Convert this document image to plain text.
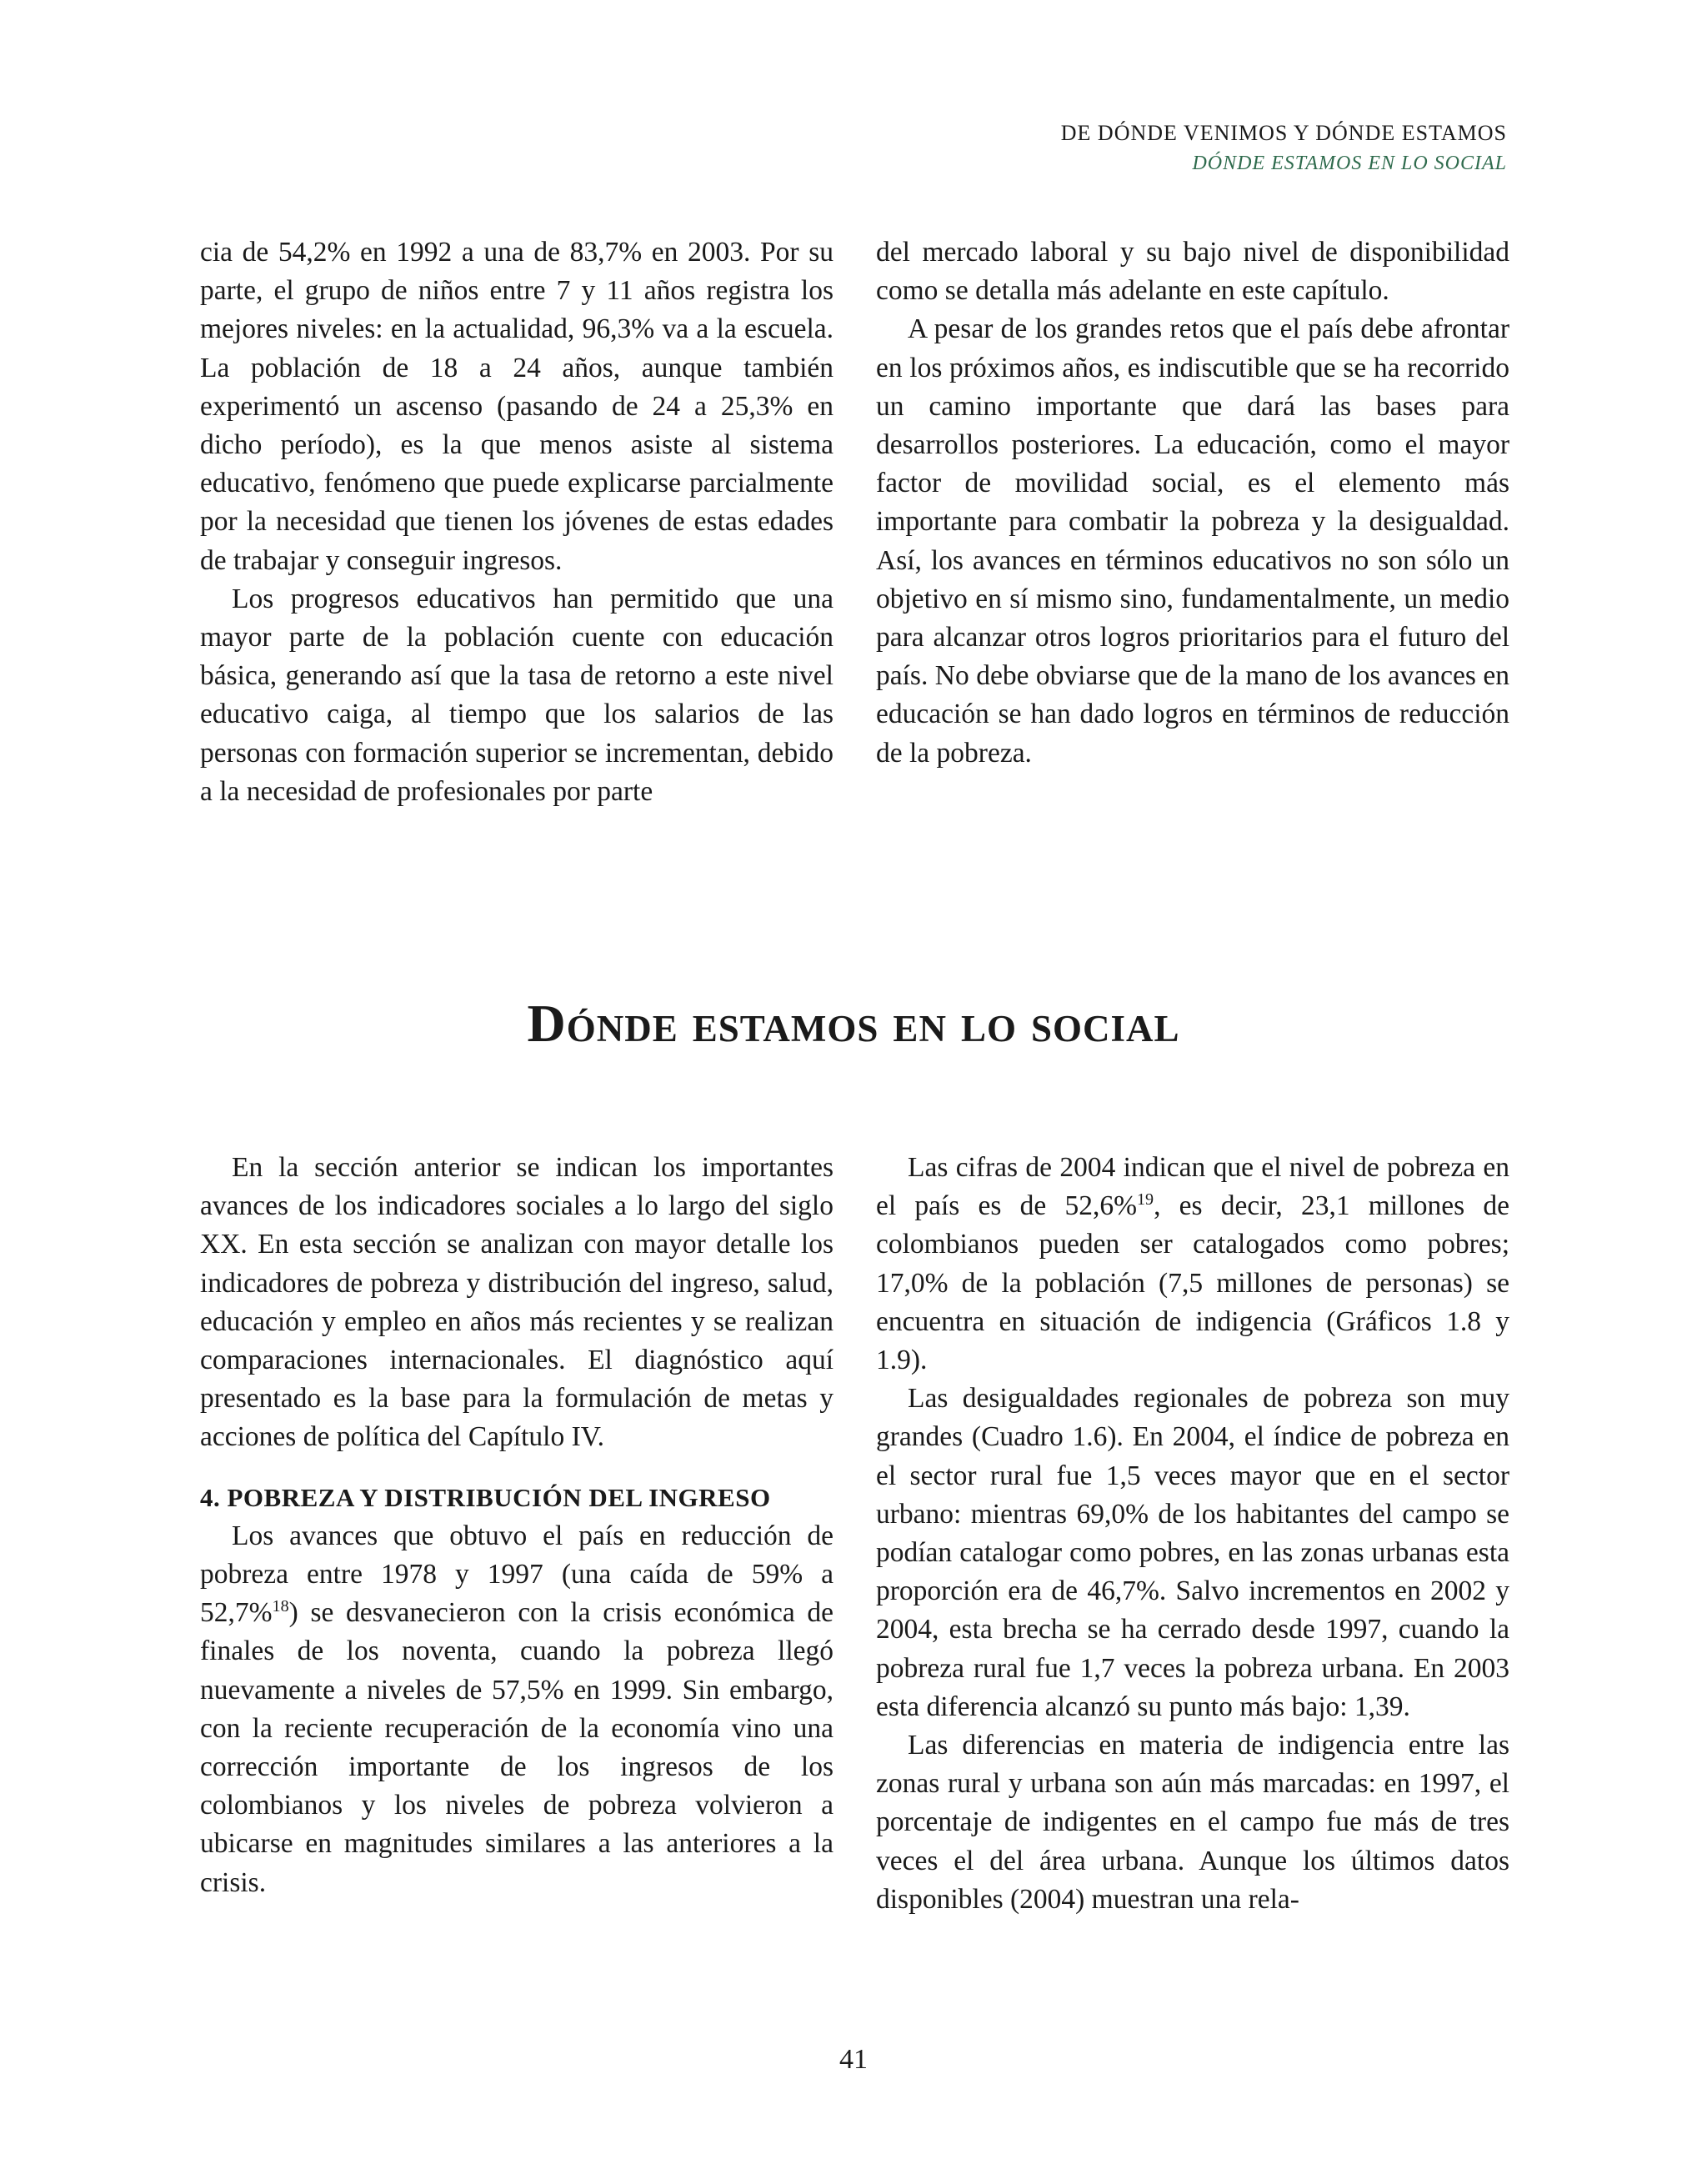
DE DÓNDE VENIMOS Y DÓNDE ESTAMOS
DÓNDE ESTAMOS EN LO SOCIAL

cia de 54,2% en 1992 a una de 83,7% en 2003. Por su parte, el grupo de niños entre 7 y 11 años registra los mejores niveles: en la actualidad, 96,3% va a la escuela. La población de 18 a 24 años, aunque también experimentó un ascenso (pasando de 24 a 25,3% en dicho período), es la que menos asiste al sistema educativo, fenómeno que puede explicarse parcialmente por la necesidad que tienen los jóvenes de estas edades de trabajar y conseguir ingresos.

Los progresos educativos han permitido que una mayor parte de la población cuente con educación básica, generando así que la tasa de retorno a este nivel educativo caiga, al tiempo que los salarios de las personas con formación superior se incrementan, debido a la necesidad de profesionales por parte

del mercado laboral y su bajo nivel de disponibilidad como se detalla más adelante en este capítulo.

A pesar de los grandes retos que el país debe afrontar en los próximos años, es indiscutible que se ha recorrido un camino importante que dará las bases para desarrollos posteriores. La educación, como el mayor factor de movilidad social, es el elemento más importante para combatir la pobreza y la desigualdad. Así, los avances en términos educativos no son sólo un objetivo en sí mismo sino, fundamentalmente, un medio para alcanzar otros logros prioritarios para el futuro del país. No debe obviarse que de la mano de los avances en educación se han dado logros en términos de reducción de la pobreza.

Dónde estamos en lo social

En la sección anterior se indican los importantes avances de los indicadores sociales a lo largo del siglo XX. En esta sección se analizan con mayor detalle los indicadores de pobreza y distribución del ingreso, salud, educación y empleo en años más recientes y se realizan comparaciones internacionales. El diagnóstico aquí presentado es la base para la formulación de metas y acciones de política del Capítulo IV.

4. POBREZA Y DISTRIBUCIÓN DEL INGRESO

Los avances que obtuvo el país en reducción de pobreza entre 1978 y 1997 (una caída de 59% a 52,7%$^{18}$) se desvanecieron con la crisis económica de finales de los noventa, cuando la pobreza llegó nuevamente a niveles de 57,5% en 1999. Sin embargo, con la reciente recuperación de la economía vino una corrección importante de los ingresos de los colombianos y los niveles de pobreza volvieron a ubicarse en magnitudes similares a las anteriores a la crisis.

Las cifras de 2004 indican que el nivel de pobreza en el país es de 52,6%$^{19}$, es decir, 23,1 millones de colombianos pueden ser catalogados como pobres; 17,0% de la población (7,5 millones de personas) se encuentra en situación de indigencia (Gráficos 1.8 y 1.9).

Las desigualdades regionales de pobreza son muy grandes (Cuadro 1.6). En 2004, el índice de pobreza en el sector rural fue 1,5 veces mayor que en el sector urbano: mientras 69,0% de los habitantes del campo se podían catalogar como pobres, en las zonas urbanas esta proporción era de 46,7%. Salvo incrementos en 2002 y 2004, esta brecha se ha cerrado desde 1997, cuando la pobreza rural fue 1,7 veces la pobreza urbana. En 2003 esta diferencia alcanzó su punto más bajo: 1,39.

Las diferencias en materia de indigencia entre las zonas rural y urbana son aún más marcadas: en 1997, el porcentaje de indigentes en el campo fue más de tres veces el del área urbana. Aunque los últimos datos disponibles (2004) muestran una rela-

41
